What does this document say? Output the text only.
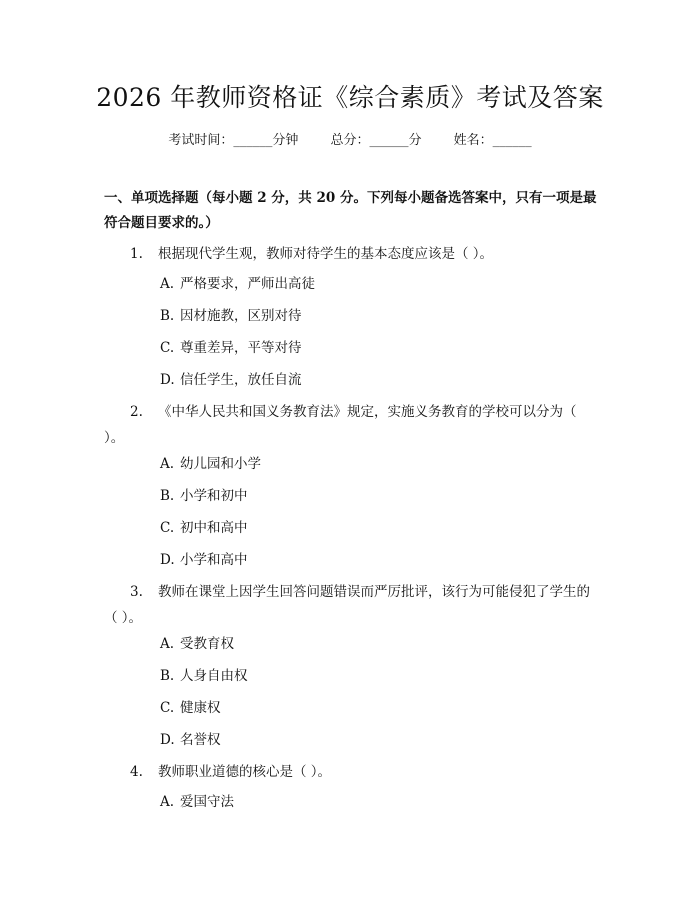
2026 年教师资格证《综合素质》考试及答案
考试时间：______分钟 总分：______分 姓名：______
一、单项选择题（每小题 2 分，共 20 分。下列每小题备选答案中，只有一项是最符合题目要求的。）
1. 根据现代学生观，教师对待学生的基本态度应该是（ ）。
A. 严格要求，严师出高徒
B. 因材施教，区别对待
C. 尊重差异，平等对待
D. 信任学生，放任自流
2. 《中华人民共和国义务教育法》规定，实施义务教育的学校可以分为（ ）。
A. 幼儿园和小学
B. 小学和初中
C. 初中和高中
D. 小学和高中
3. 教师在课堂上因学生回答问题错误而严厉批评，该行为可能侵犯了学生的（ ）。
A. 受教育权
B. 人身自由权
C. 健康权
D. 名誉权
4. 教师职业道德的核心是（ ）。
A. 爱国守法
